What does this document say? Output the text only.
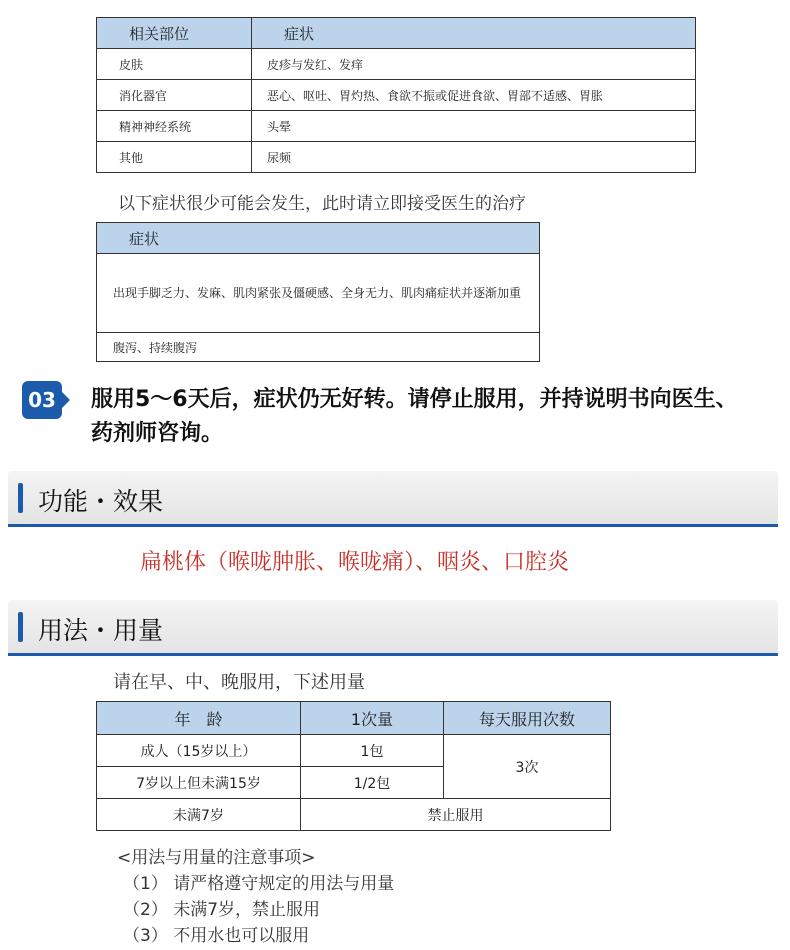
相关部位	症状
皮肤	皮疹与发红、发痒
消化器官	恶心、呕吐、胃灼热、食欲不振或促进食欲、胃部不适感、胃胀
精神神经系统	头晕
其他	尿频
以下症状很少可能会发生，此时请立即接受医生的治疗
症状
出现手脚乏力、发麻、肌肉紧张及僵硬感、全身无力、肌肉痛症状并逐渐加重
腹泻、持续腹泻
03 服用5～6天后，症状仍无好转。请停止服用，并持说明书向医生、药剂师咨询。
功能・效果
扁桃体（喉咙肿胀、喉咙痛）、咽炎、口腔炎
用法・用量
请在早、中、晚服用，下述用量
年　龄	1次量	每天服用次数
成人（15岁以上）	1包	3次
7岁以上但未满15岁	1/2包	
未满7岁	禁止服用	
<用法与用量的注意事项>
（1） 请严格遵守规定的用法与用量
（2） 未满7岁，禁止服用
（3） 不用水也可以服用
